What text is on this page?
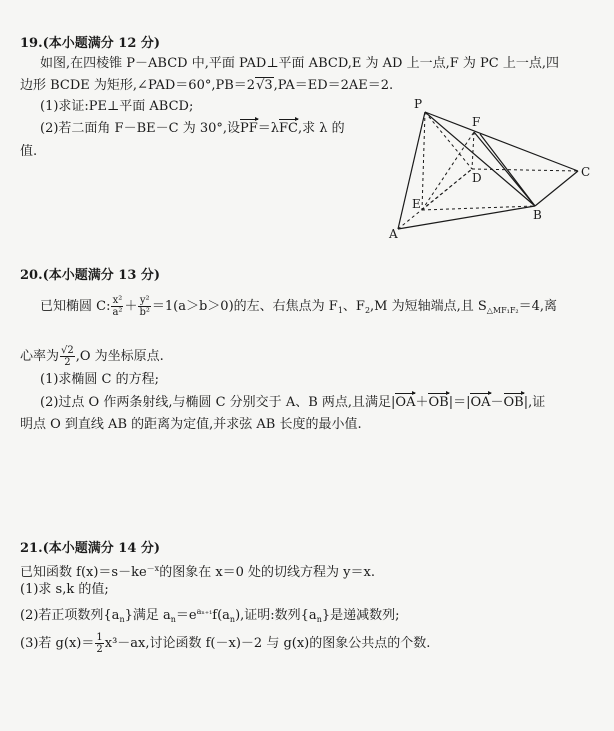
19.(本小题满分 12 分)
如图,在四棱锥 P－ABCD 中,平面 PAD⊥平面 ABCD,E 为 AD 上一点,F 为 PC 上一点,四
边形 BCDE 为矩形,∠PAD＝60°,PB＝2√3,PA＝ED＝2AE＝2.
(1)求证:PE⊥平面 ABCD;
(2)若二面角 F－BE－C 为 30°,设PF＝λFC,求 λ 的
值.
P
F
D	C
E
B
A
20.(本小题满分 13 分)
已知椭圆 C: $\frac{\text{x²}}{\text{a²}} + \frac{\text{y²}}{\text{b²}} =1(a>b>0)$的左、右焦点为 $F_1$、$F_2,M$ 为短轴端点,且 $S_{\triangle MF_1F_2}=4$,离
心率为 $\frac{√2}{2} ,O$ 为坐标原点.
(1)求椭圆 C 的方程;
(2)过点 O 作两条射线,与椭圆 C 分别交于 A、B 两点,且满足|OA＋OB|＝|OA－OB|,证
明点 O 到直线 AB 的距离为定值,并求弦 AB 长度的最小值.
21.(本小题满分 14 分)
已知函数 $f(x)=s-ke^{-x}$的图象在 x＝0 处的切线方程为 y＝x.
(1)求 s,k 的值;
(2)若正项数列$\{a_n\}$满足 $a_n=e^{a_{n+1}}f(a_n)$,证明:数列$\{a_n\}$是递减数列;
(3)若 $g(x)= \frac{1}{2} x^3-ax$,讨论函数 f(－x)－2 与 g(x)的图象公共点的个数.
